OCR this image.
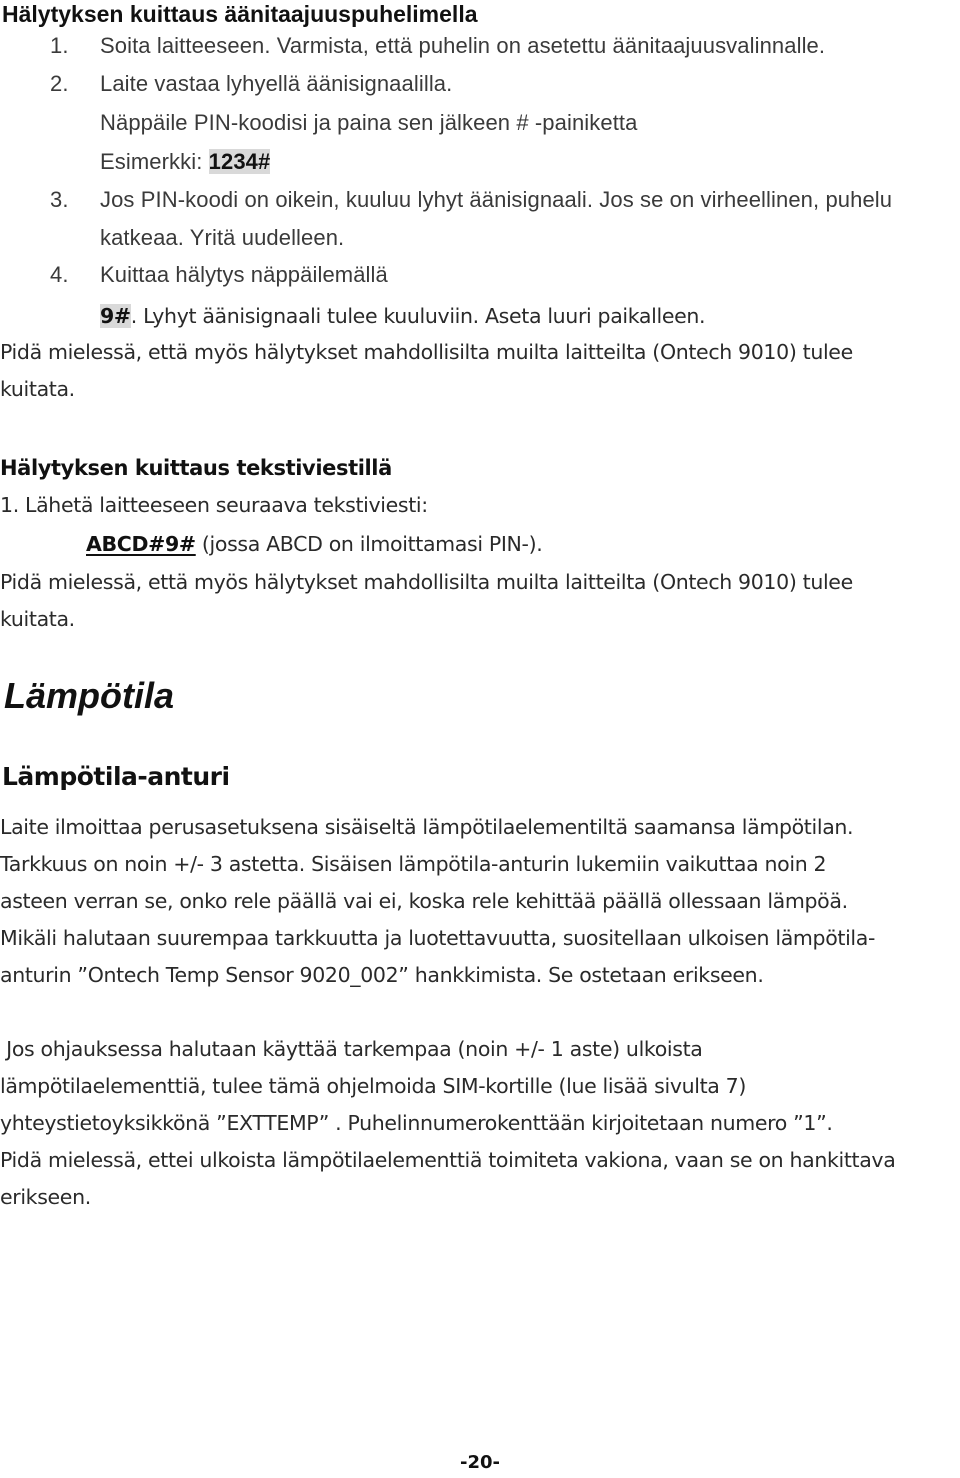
Hälytyksen kuittaus äänitaajuuspuhelimella
1. Soita laitteeseen. Varmista, että puhelin on asetettu äänitaajuusvalinnalle.
2. Laite vastaa lyhyellä äänisignaalilla.
Näppäile PIN-koodisi ja paina sen jälkeen # -painiketta
Esimerkki: 1234#
3. Jos PIN-koodi on oikein, kuuluu lyhyt äänisignaali. Jos se on virheellinen, puhelu
katkeaa. Yritä uudelleen.
4. Kuittaa hälytys näppäilemällä
9#. Lyhyt äänisignaali tulee kuuluviin. Aseta luuri paikalleen.
Pidä mielessä, että myös hälytykset mahdollisilta muilta laitteilta (Ontech 9010) tulee
kuitata.
Hälytyksen kuittaus tekstiviestillä
1. Lähetä laitteeseen seuraava tekstiviesti:
ABCD#9# (jossa ABCD on ilmoittamasi PIN-).
Pidä mielessä, että myös hälytykset mahdollisilta muilta laitteilta (Ontech 9010) tulee
kuitata.
Lämpötila
Lämpötila-anturi
Laite ilmoittaa perusasetuksena sisäiseltä lämpötilaelementiltä saamansa lämpötilan.
Tarkkuus on noin +/- 3 astetta. Sisäisen lämpötila-anturin lukemiin vaikuttaa noin 2
asteen verran se, onko rele päällä vai ei, koska rele kehittää päällä ollessaan lämpöä.
Mikäli halutaan suurempaa tarkkuutta ja luotettavuutta, suositellaan ulkoisen lämpötila-
anturin ”Ontech Temp Sensor 9020_002” hankkimista. Se ostetaan erikseen.
Jos ohjauksessa halutaan käyttää tarkempaa (noin +/- 1 aste) ulkoista
lämpötilaelementtiä, tulee tämä ohjelmoida SIM-kortille (lue lisää sivulta 7)
yhteystietoyksikkönä ”EXTTEMP” . Puhelinnumerokenttään kirjoitetaan numero ”1”.
Pidä mielessä, ettei ulkoista lämpötilaelementtiä toimiteta vakiona, vaan se on hankittava
erikseen.
-20-
